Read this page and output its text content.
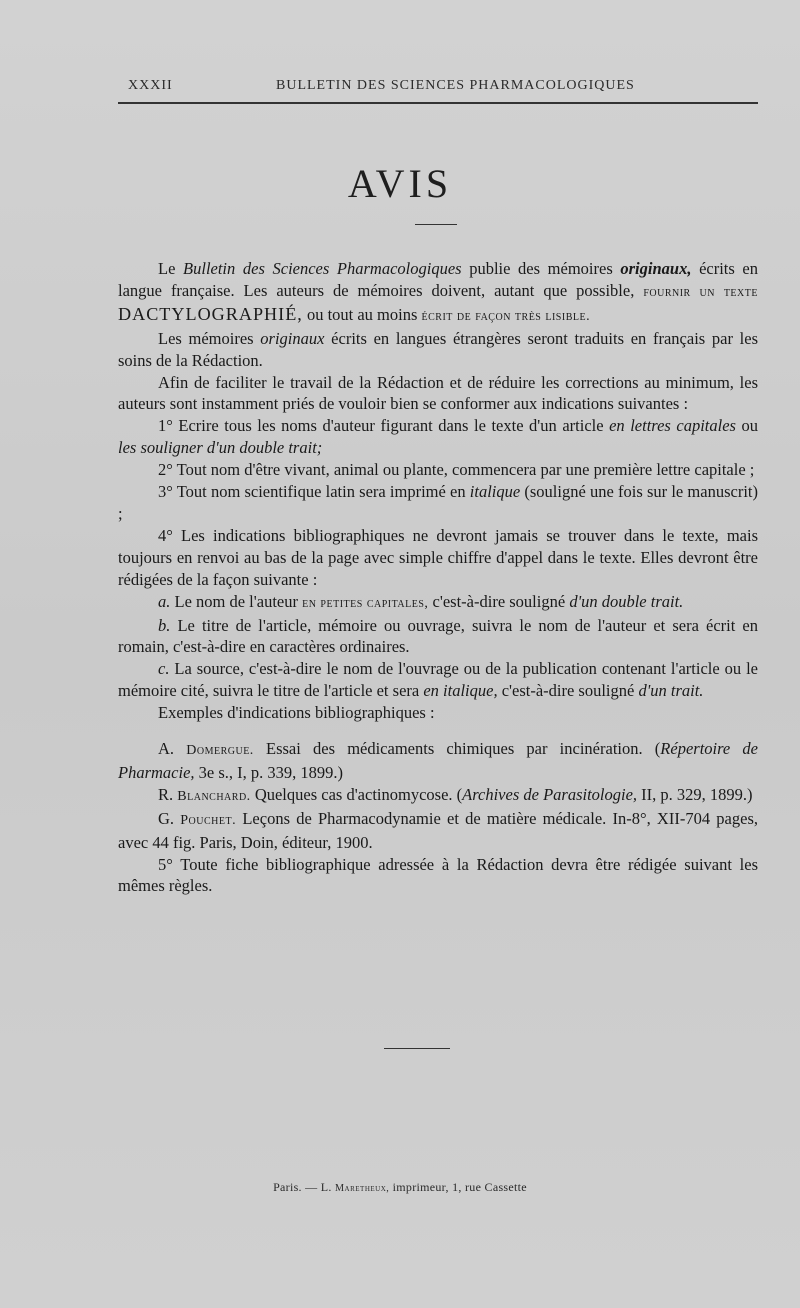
XXXII	BULLETIN DES SCIENCES PHARMACOLOGIQUES
AVIS

Le Bulletin des Sciences Pharmacologiques publie des mémoires originaux, écrits en langue française. Les auteurs de mémoires doivent, autant que possible, fournir un texte DACTYLOGRAPHIÉ, ou tout au moins écrit de façon très lisible.

Les mémoires originaux écrits en langues étrangères seront traduits en français par les soins de la Rédaction.

Afin de faciliter le travail de la Rédaction et de réduire les corrections au minimum, les auteurs sont instamment priés de vouloir bien se conformer aux indications suivantes :

1° Ecrire tous les noms d'auteur figurant dans le texte d'un article en lettres capitales ou les souligner d'un double trait;

2° Tout nom d'être vivant, animal ou plante, commencera par une première lettre capitale ;

3° Tout nom scientifique latin sera imprimé en italique (souligné une fois sur le manuscrit) ;

4° Les indications bibliographiques ne devront jamais se trouver dans le texte, mais toujours en renvoi au bas de la page avec simple chiffre d'appel dans le texte. Elles devront être rédigées de la façon suivante :

a. Le nom de l'auteur en petites capitales, c'est-à-dire souligné d'un double trait.

b. Le titre de l'article, mémoire ou ouvrage, suivra le nom de l'auteur et sera écrit en romain, c'est-à-dire en caractères ordinaires.

c. La source, c'est-à-dire le nom de l'ouvrage ou de la publication contenant l'article ou le mémoire cité, suivra le titre de l'article et sera en italique, c'est-à-dire souligné d'un trait.

Exemples d'indications bibliographiques :

A. Domergue. Essai des médicaments chimiques par incinération. (Répertoire de Pharmacie, 3e s., I, p. 339, 1899.)

R. Blanchard. Quelques cas d'actinomycose. (Archives de Parasitologie, II, p. 329, 1899.)

G. Pouchet. Leçons de Pharmacodynamie et de matière médicale. In-8°, XII-704 pages, avec 44 fig. Paris, Doin, éditeur, 1900.

5° Toute fiche bibliographique adressée à la Rédaction devra être rédigée suivant les mêmes règles.

Paris. — L. Maretheux, imprimeur, 1, rue Cassette
